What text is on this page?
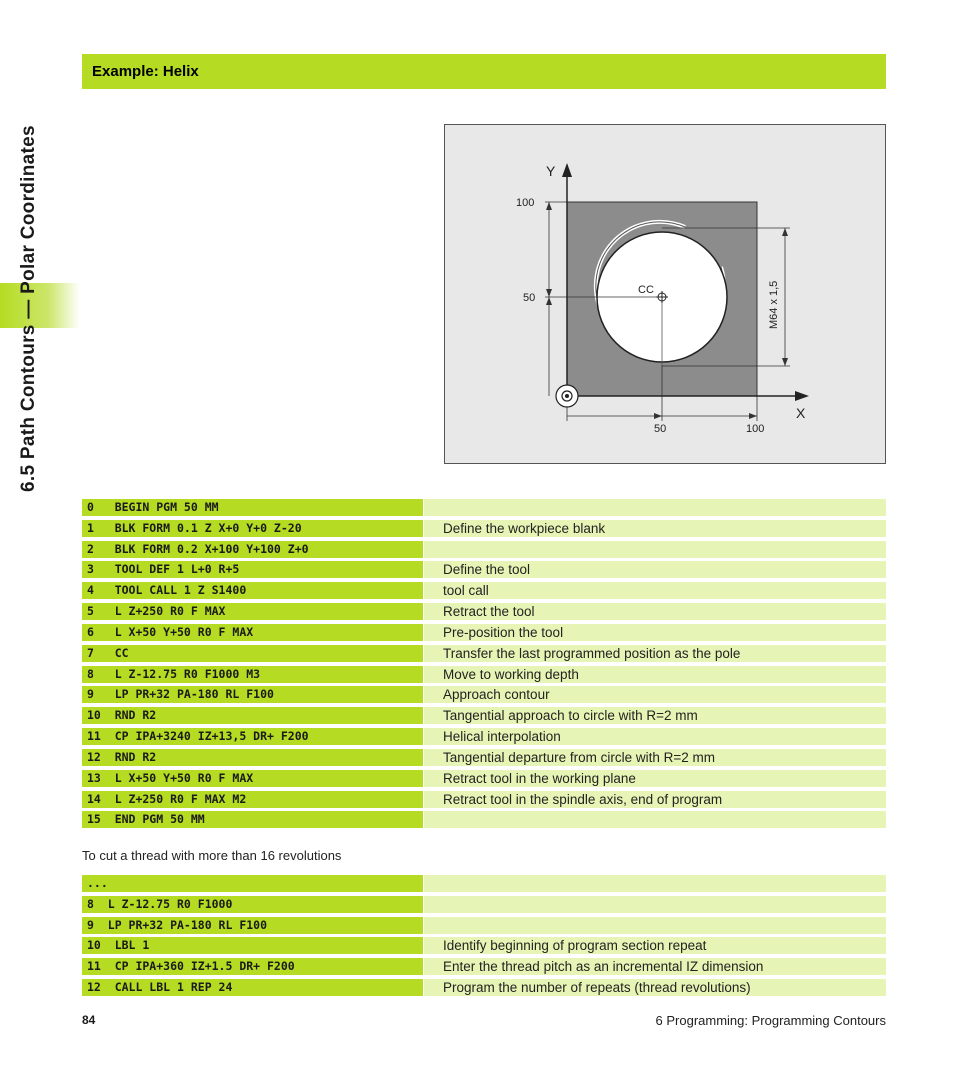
6.5 Path Contours — Polar Coordinates
Example: Helix
Y
X
100
50
50	100
CC	M64 x 1,5
0   BEGIN PGM 50 MM
1   BLK FORM 0.1 Z X+0 Y+0 Z-20	Define the workpiece blank
2   BLK FORM 0.2 X+100 Y+100 Z+0
3   TOOL DEF 1 L+0 R+5	Define the tool
4   TOOL CALL 1 Z S1400	tool call
5   L Z+250 R0 F MAX	Retract the tool
6   L X+50 Y+50 R0 F MAX	Pre-position the tool
7   CC	Transfer the last programmed position as the pole
8   L Z-12.75 R0 F1000 M3	Move to working depth
9   LP PR+32 PA-180 RL F100	Approach contour
10  RND R2	Tangential approach to circle with R=2 mm
11  CP IPA+3240 IZ+13,5 DR+ F200	Helical interpolation
12  RND R2	Tangential departure from circle with R=2 mm
13  L X+50 Y+50 R0 F MAX	Retract tool in the working plane
14  L Z+250 R0 F MAX M2	Retract tool in the spindle axis, end of program
15  END PGM 50 MM
To cut a thread with more than 16 revolutions
...
8  L Z-12.75 R0 F1000
9  LP PR+32 PA-180 RL F100
10  LBL 1	Identify beginning of program section repeat
11  CP IPA+360 IZ+1.5 DR+ F200	Enter the thread pitch as an incremental IZ dimension
12  CALL LBL 1 REP 24	Program the number of repeats (thread revolutions)
84	6 Programming: Programming Contours
